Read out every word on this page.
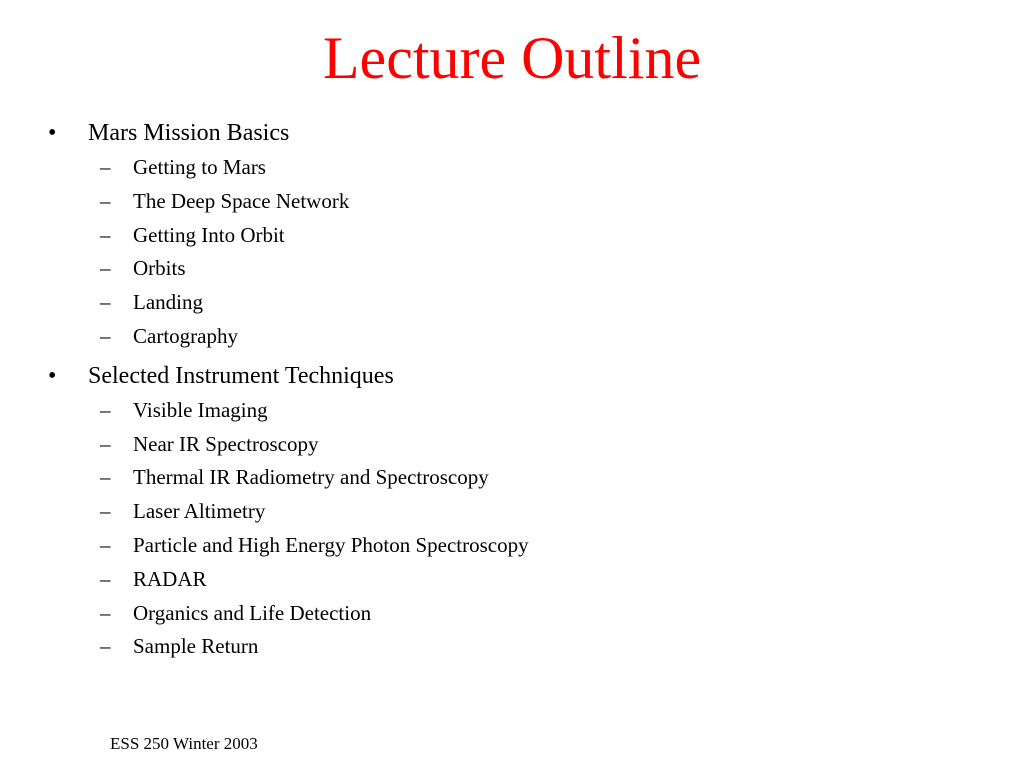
Lecture Outline
• Mars Mission Basics
– Getting to Mars
– The Deep Space Network
– Getting Into Orbit
– Orbits
– Landing
– Cartography
• Selected Instrument Techniques
– Visible Imaging
– Near IR Spectroscopy
– Thermal IR Radiometry and Spectroscopy
– Laser Altimetry
– Particle and High Energy Photon Spectroscopy
– RADAR
– Organics and Life Detection
– Sample Return
ESS 250 Winter 2003
